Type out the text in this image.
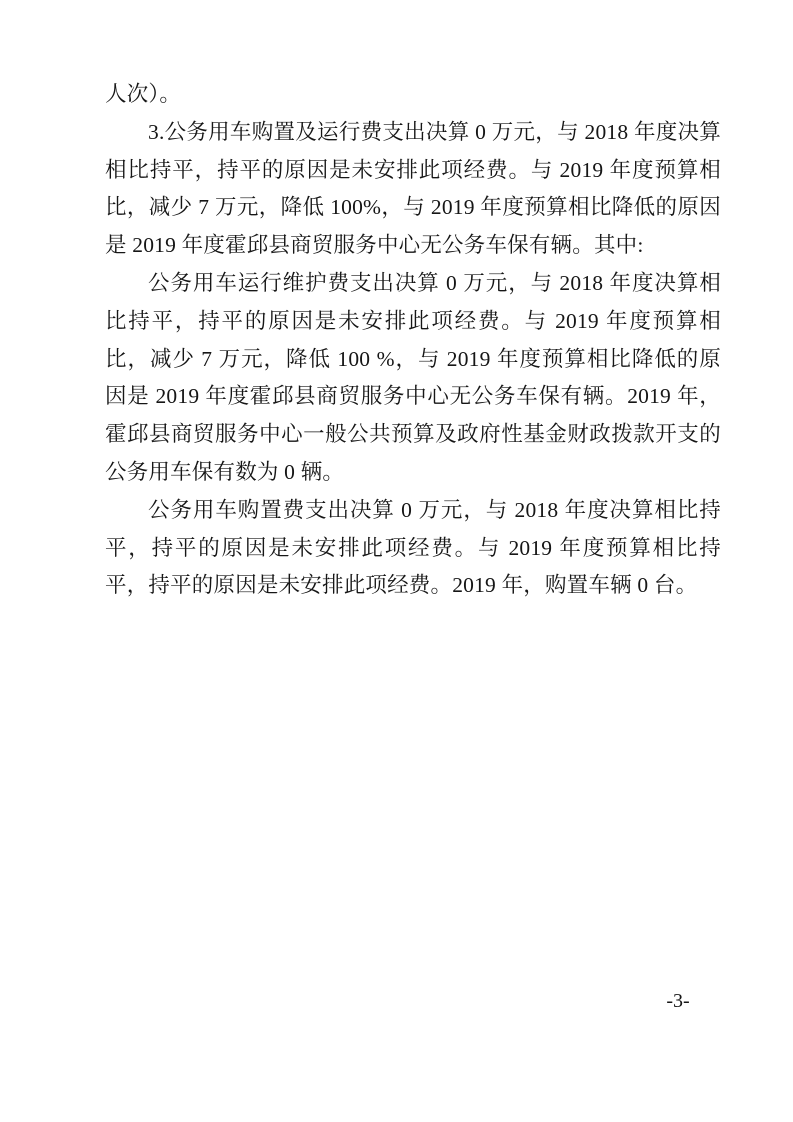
人次）。

3.公务用车购置及运行费支出决算 0 万元，与 2018 年度决算相比持平，持平的原因是未安排此项经费。与 2019 年度预算相比，减少 7 万元，降低 100%，与 2019 年度预算相比降低的原因是 2019 年度霍邱县商贸服务中心无公务车保有辆。其中:

公务用车运行维护费支出决算 0 万元，与 2018 年度决算相比持平，持平的原因是未安排此项经费。与 2019 年度预算相比，减少 7 万元，降低 100 %，与 2019 年度预算相比降低的原因是 2019 年度霍邱县商贸服务中心无公务车保有辆。2019 年，霍邱县商贸服务中心一般公共预算及政府性基金财政拨款开支的公务用车保有数为 0 辆。

公务用车购置费支出决算 0 万元，与 2018 年度决算相比持平，持平的原因是未安排此项经费。与 2019 年度预算相比持平，持平的原因是未安排此项经费。2019 年，购置车辆 0 台。

-3-
